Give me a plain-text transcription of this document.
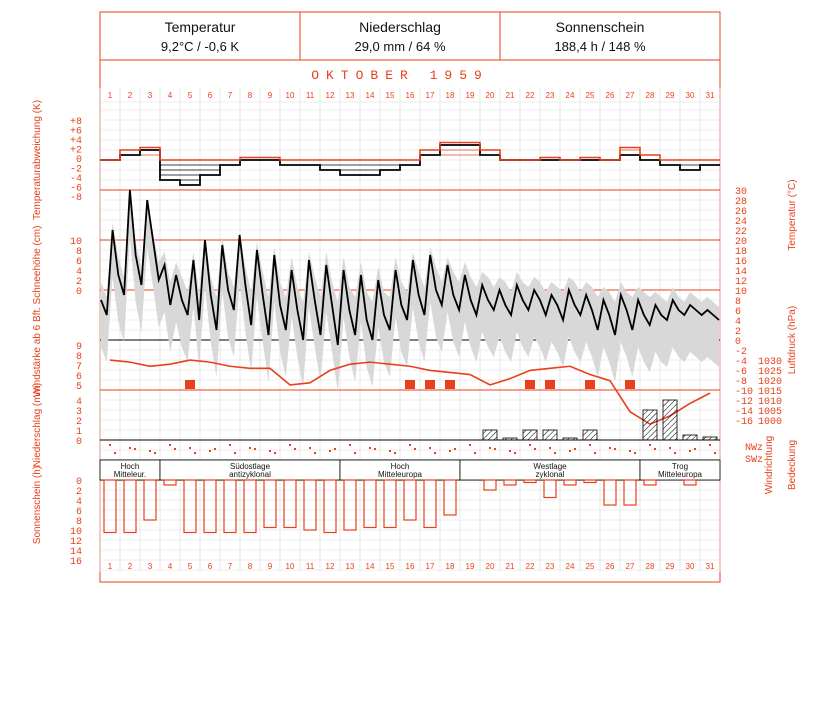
Temperatur
9,2°C / -0,6 K
Niederschlag
29,0 mm / 64 %
Sonnenschein
188,4 h / 148 %
OKTOBER 1959
1 2 3 4 5 6 7 8 9 10 11 12 13 14 15 16 17 18 19 20 21 22 23 24 25 26 27 28 29 30 31
1 2 3 4 5 6 7 8 9 10 11 12 13 14 15 16 17 18 19 20 21 22 23 24 25 26 27 28 29 30 31
Hoch
Mitteleur.
Südostlage
antizyklonal
Hoch
Mitteleuropa
Westlage
zyklonal
Trog
Mitteleuropa
+8
+6
+4
+2
0
-2
-4
-6
-8
10
8
6
4
2
0
9
8
7
6
5
4
3
2
1
0
0
2
4
6
8
10
12
14
16
30
28
26
24
22
20
18
16
14
12
10
8
6
4
2
0
-2
-4
-6
-8
-10
-12
-14
-16
1030
1025
1020
1015
1010
1005
1000
NWz
SWz
Temperaturabweichung (K)
Schneehöhe (cm)
Windstärke ab 6 Bft.
Niederschlag (mm)
Sonnenschein (h)
Temperatur (°C)
Luftdruck (hPa)
Windrichtung Bedeckung
